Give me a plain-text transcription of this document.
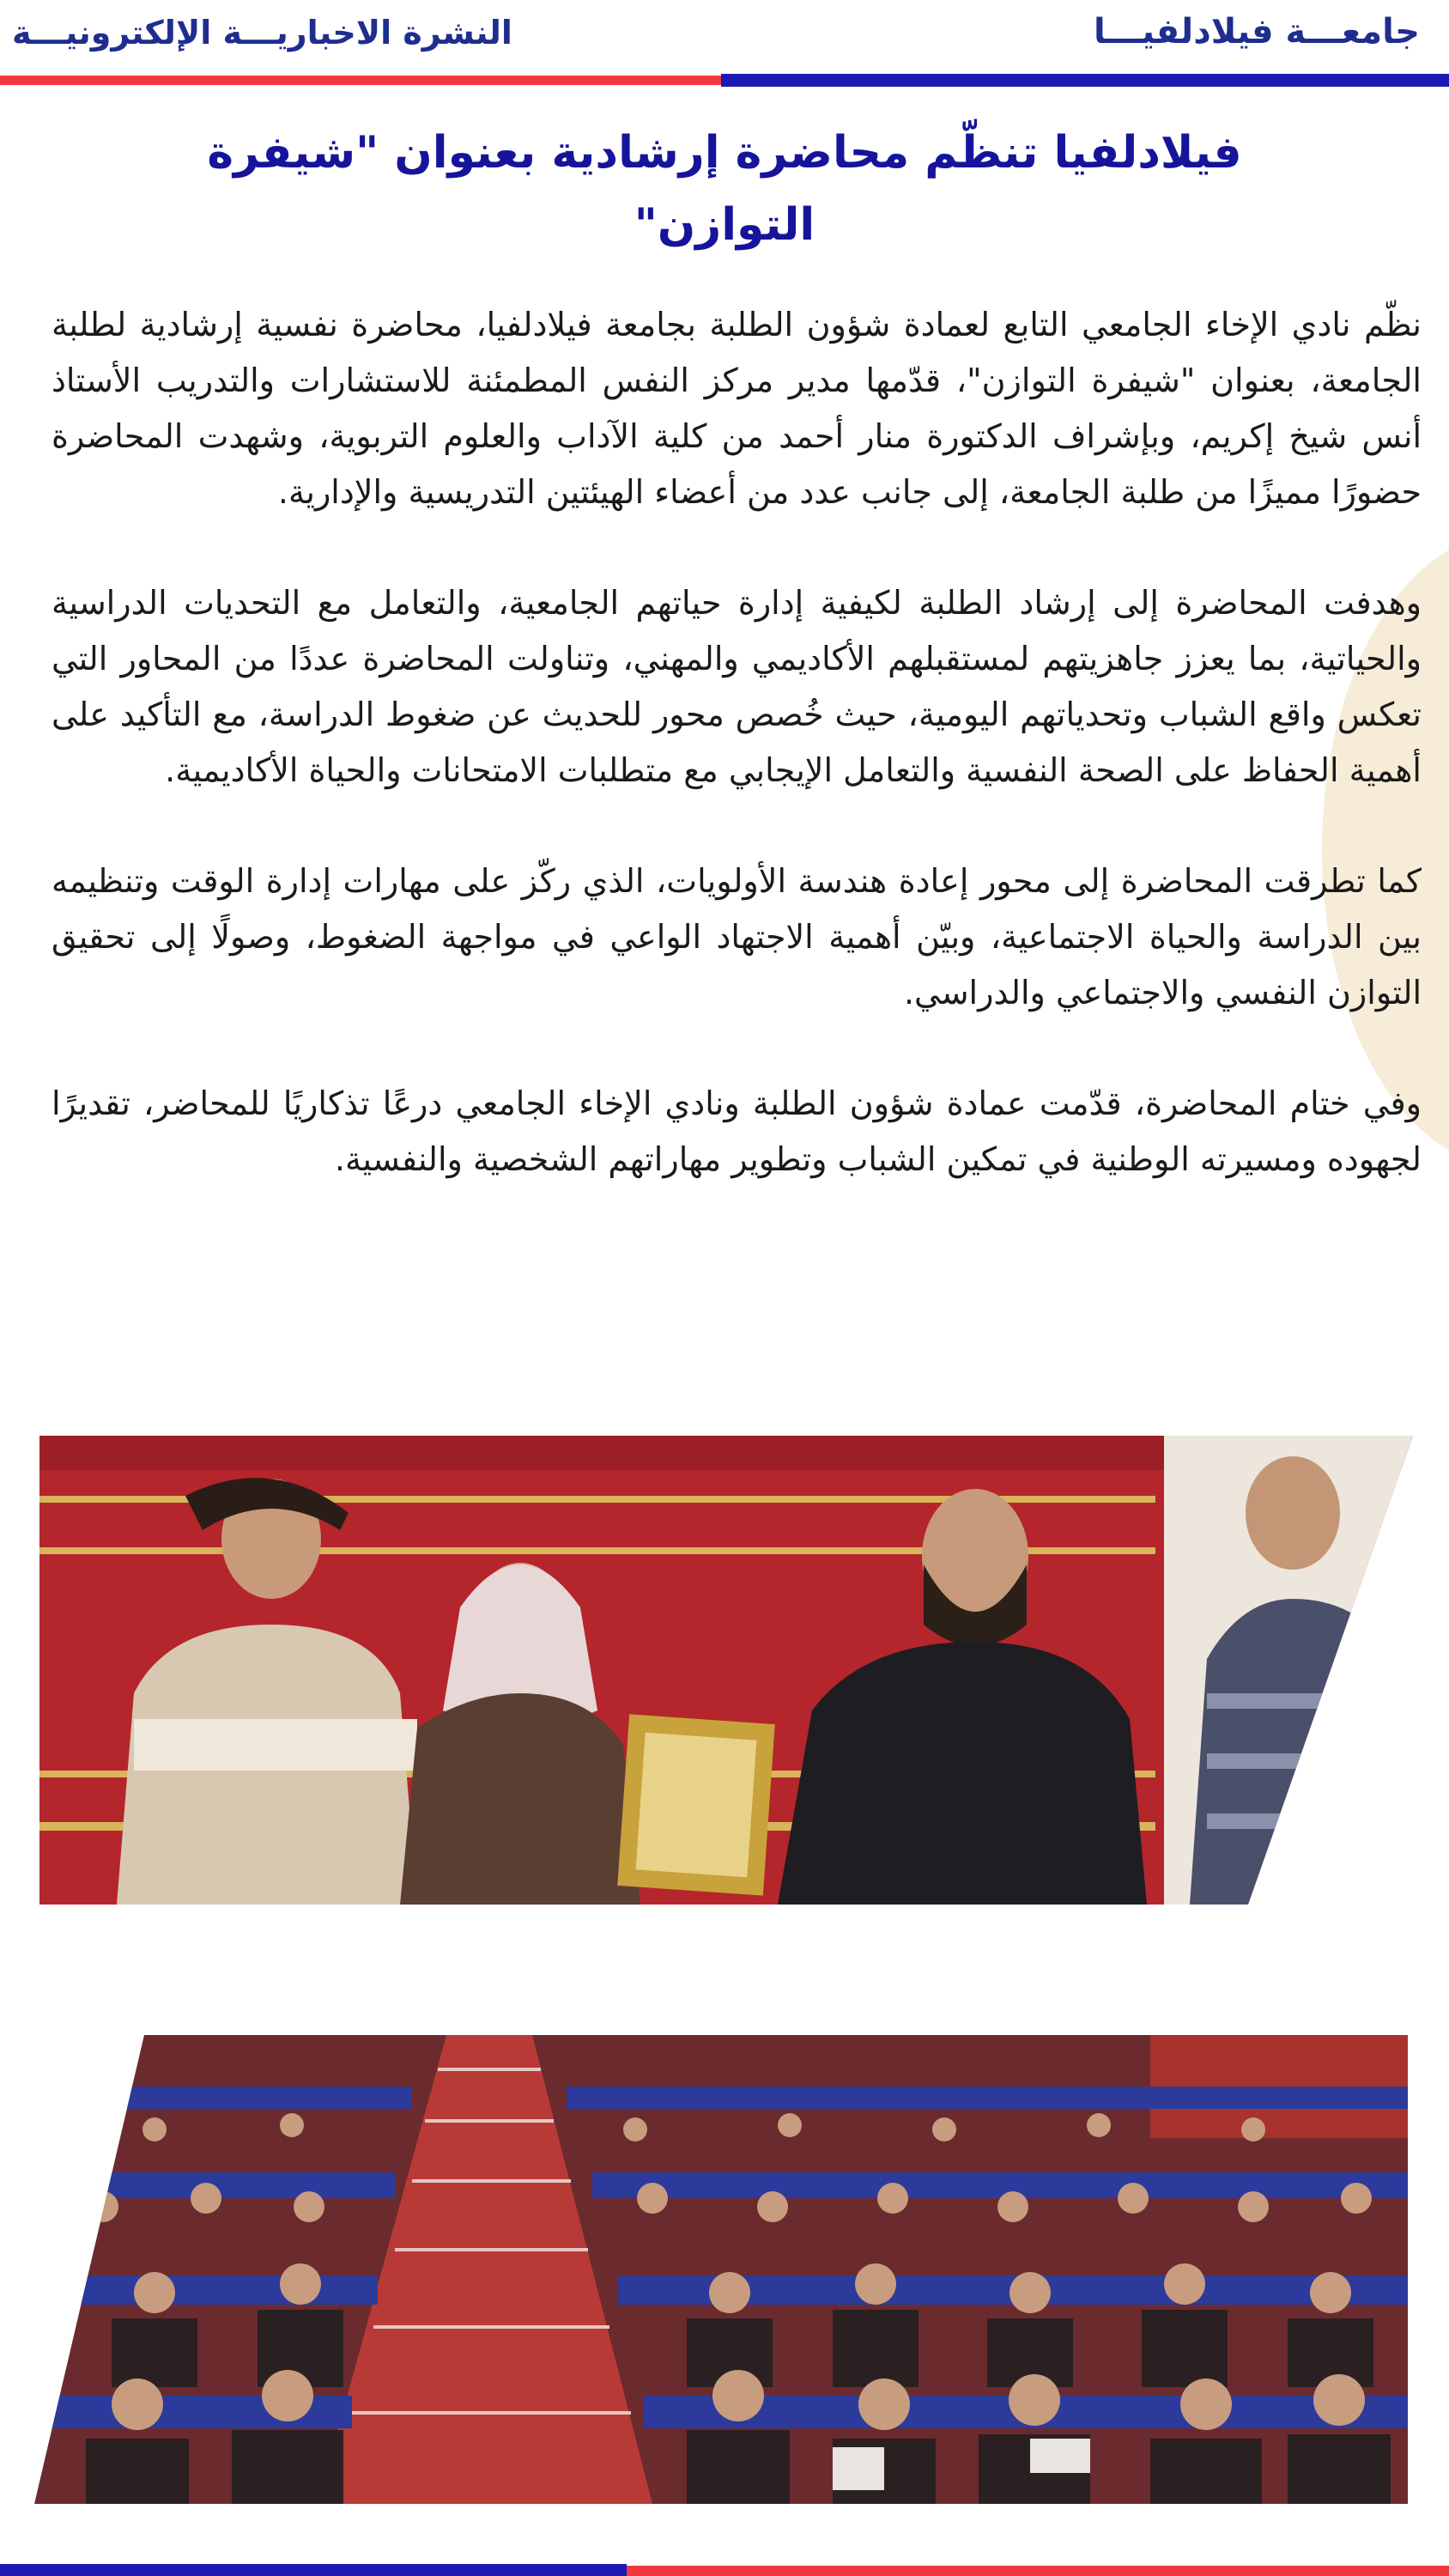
جامعـــة فيلادلفيـــا
النشرة الاخباريـــة الإلكترونيـــة
فيلادلفيا تنظّم محاضرة إرشادية بعنوان "شيفرة التوازن"

نظّم نادي الإخاء الجامعي التابع لعمادة شؤون الطلبة بجامعة فيلادلفيا، محاضرة نفسية إرشادية لطلبة الجامعة، بعنوان "شيفرة التوازن"، قدّمها مدير مركز النفس المطمئنة للاستشارات والتدريب الأستاذ أنس شيخ إكريم، وبإشراف الدكتورة منار أحمد من كلية الآداب والعلوم التربوية، وشهدت المحاضرة حضورًا مميزًا من طلبة الجامعة، إلى جانب عدد من أعضاء الهيئتين التدريسية والإدارية.

وهدفت المحاضرة إلى إرشاد الطلبة لكيفية إدارة حياتهم الجامعية، والتعامل مع التحديات الدراسية والحياتية، بما يعزز جاهزيتهم لمستقبلهم الأكاديمي والمهني، وتناولت المحاضرة عددًا من المحاور التي تعكس واقع الشباب وتحدياتهم اليومية، حيث خُصص محور للحديث عن ضغوط الدراسة، مع التأكيد على أهمية الحفاظ على الصحة النفسية والتعامل الإيجابي مع متطلبات الامتحانات والحياة الأكاديمية.

كما تطرقت المحاضرة إلى محور إعادة هندسة الأولويات، الذي ركّز على مهارات إدارة الوقت وتنظيمه بين الدراسة والحياة الاجتماعية، وبيّن أهمية الاجتهاد الواعي في مواجهة الضغوط، وصولًا إلى تحقيق التوازن النفسي والاجتماعي والدراسي.

وفي ختام المحاضرة، قدّمت عمادة شؤون الطلبة ونادي الإخاء الجامعي درعًا تذكاريًا للمحاضر، تقديرًا لجهوده ومسيرته الوطنية في تمكين الشباب وتطوير مهاراتهم الشخصية والنفسية.
